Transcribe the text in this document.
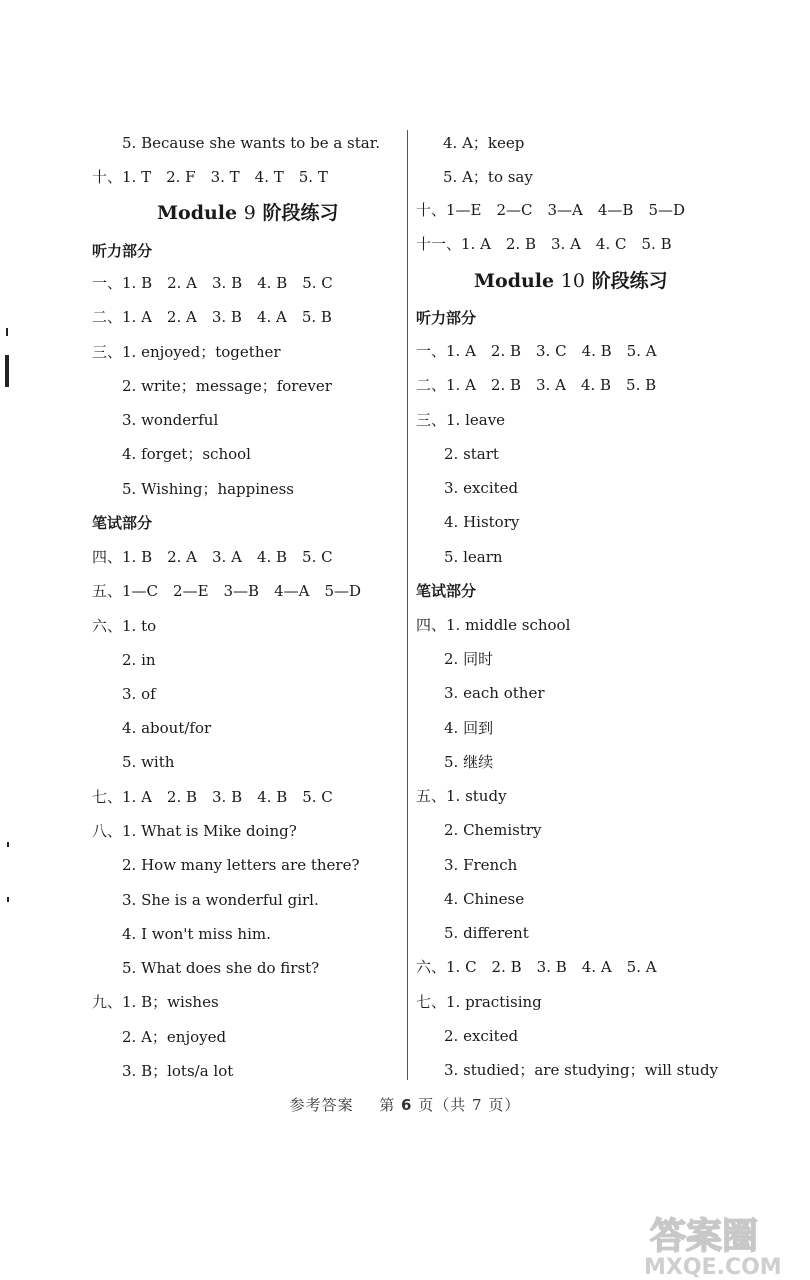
5. Because she wants to be a star.
十、1. T　2. F　3. T　4. T　5. T
Module 9 阶段练习
听力部分
一、1. B　2. A　3. B　4. B　5. C
二、1. A　2. A　3. B　4. A　5. B
三、1. enjoyed；together
2. write；message；forever
3. wonderful
4. forget；school
5. Wishing；happiness
笔试部分
四、1. B　2. A　3. A　4. B　5. C
五、1—C　2—E　3—B　4—A　5—D
六、1. to
2. in
3. of
4. about/for
5. with
七、1. A　2. B　3. B　4. B　5. C
八、1. What is Mike doing?
2. How many letters are there?
3. She is a wonderful girl.
4. I won't miss him.
5. What does she do first?
九、1. B；wishes
2. A；enjoyed
3. B；lots/a lot
4. A；keep
5. A；to say
十、1—E　2—C　3—A　4—B　5—D
十一、1. A　2. B　3. A　4. C　5. B
Module 10 阶段练习
听力部分
一、1. A　2. B　3. C　4. B　5. A
二、1. A　2. B　3. A　4. B　5. B
三、1. leave
2. start
3. excited
4. History
5. learn
笔试部分
四、1. middle school
2. 同时
3. each other
4. 回到
5. 继续
五、1. study
2. Chemistry
3. French
4. Chinese
5. different
六、1. C　2. B　3. B　4. A　5. A
七、1. practising
2. excited
3. studied；are studying；will study
参考答案 第 6 页（共 7 页）
答案圈
MXQE.COM
